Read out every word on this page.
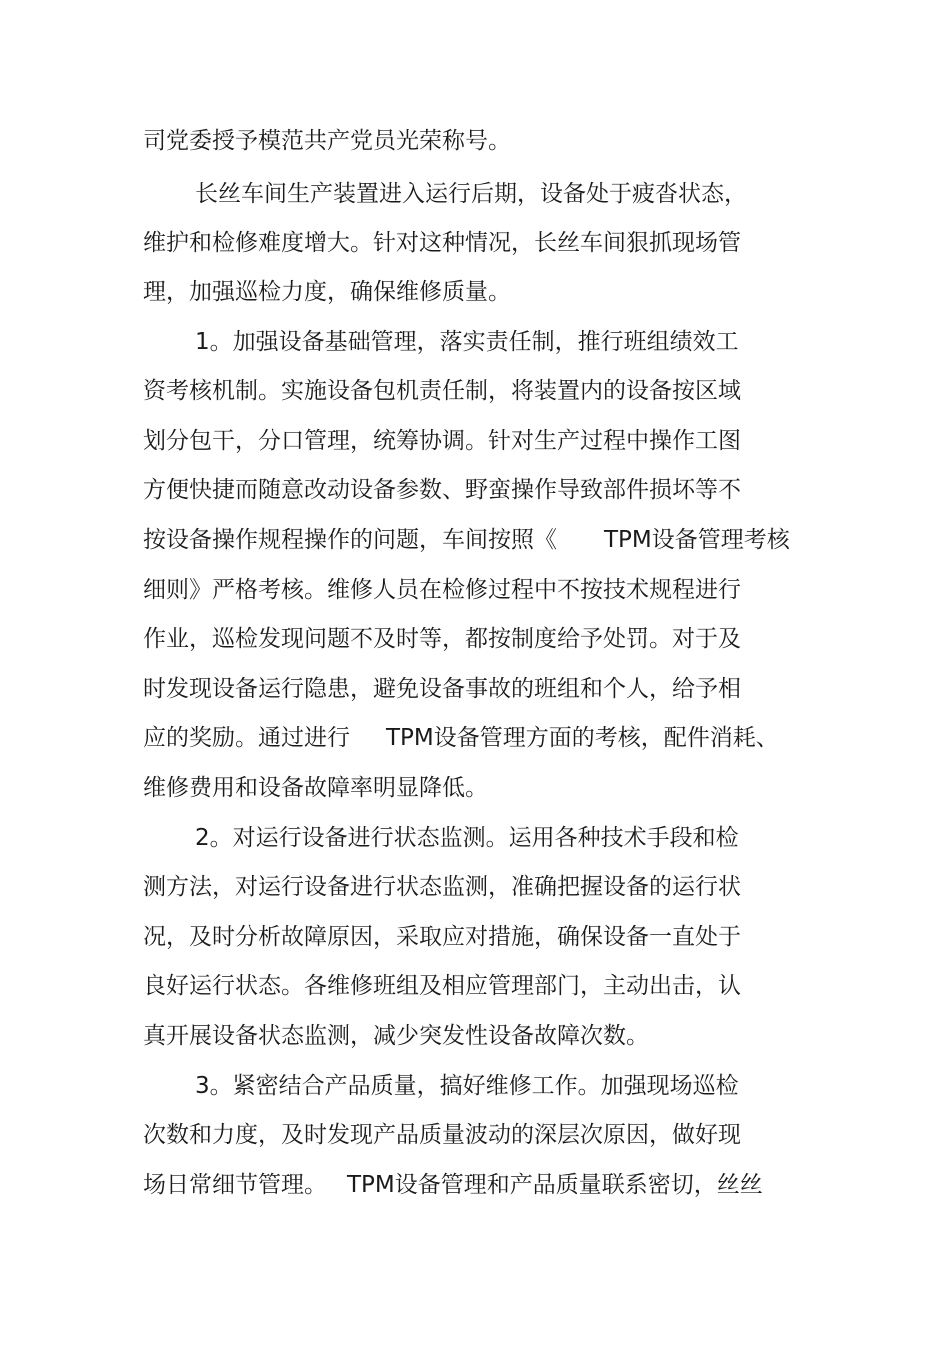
司党委授予模范共产党员光荣称号。
长丝车间生产装置进入运行后期，设备处于疲沓状态，
维护和检修难度增大。针对这种情况，长丝车间狠抓现场管
理，加强巡检力度，确保维修质量。
1。加强设备基础管理，落实责任制，推行班组绩效工
资考核机制。实施设备包机责任制，将装置内的设备按区域
划分包干，分口管理，统筹协调。针对生产过程中操作工图
方便快捷而随意改动设备参数、野蛮操作导致部件损坏等不
按设备操作规程操作的问题，车间按照《 TPM设备管理考核
细则》严格考核。维修人员在检修过程中不按技术规程进行
作业，巡检发现问题不及时等，都按制度给予处罚。对于及
时发现设备运行隐患，避免设备事故的班组和个人，给予相
应的奖励。通过进行 TPM设备管理方面的考核，配件消耗、
维修费用和设备故障率明显降低。
2。对运行设备进行状态监测。运用各种技术手段和检
测方法，对运行设备进行状态监测，准确把握设备的运行状
况，及时分析故障原因，采取应对措施，确保设备一直处于
良好运行状态。各维修班组及相应管理部门，主动出击，认
真开展设备状态监测，减少突发性设备故障次数。
3。紧密结合产品质量，搞好维修工作。加强现场巡检
次数和力度，及时发现产品质量波动的深层次原因，做好现
场日常细节管理。 TPM设备管理和产品质量联系密切，丝丝
